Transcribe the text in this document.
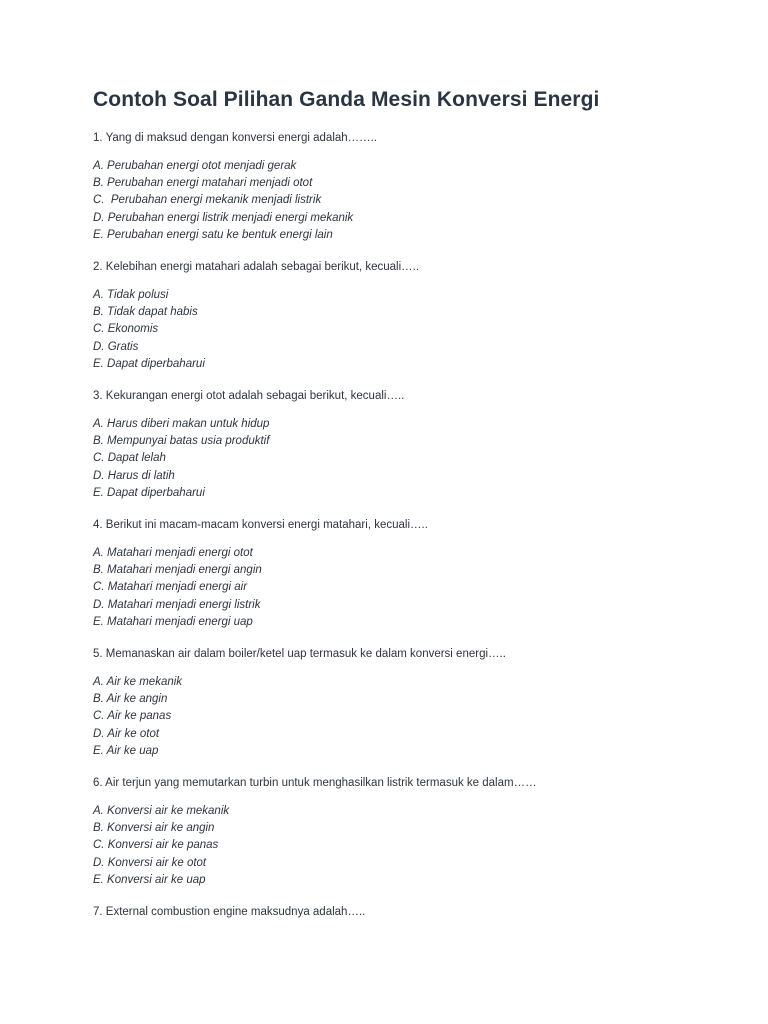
Contoh Soal Pilihan Ganda Mesin Konversi Energi

1. Yang di maksud dengan konversi energi adalah……..

A. Perubahan energi otot menjadi gerak
B. Perubahan energi matahari menjadi otot
C.  Perubahan energi mekanik menjadi listrik
D. Perubahan energi listrik menjadi energi mekanik
E. Perubahan energi satu ke bentuk energi lain

2. Kelebihan energi matahari adalah sebagai berikut, kecuali…..

A. Tidak polusi
B. Tidak dapat habis
C. Ekonomis
D. Gratis
E. Dapat diperbaharui

3. Kekurangan energi otot adalah sebagai berikut, kecuali…..

A. Harus diberi makan untuk hidup
B. Mempunyai batas usia produktif
C. Dapat lelah
D. Harus di latih
E. Dapat diperbaharui

4. Berikut ini macam-macam konversi energi matahari, kecuali…..

A. Matahari menjadi energi otot
B. Matahari menjadi energi angin
C. Matahari menjadi energi air
D. Matahari menjadi energi listrik
E. Matahari menjadi energi uap

5. Memanaskan air dalam boiler/ketel uap termasuk ke dalam konversi energi…..

A. Air ke mekanik
B. Air ke angin
C. Air ke panas
D. Air ke otot
E. Air ke uap

6. Air terjun yang memutarkan turbin untuk menghasilkan listrik termasuk ke dalam……

A. Konversi air ke mekanik
B. Konversi air ke angin
C. Konversi air ke panas
D. Konversi air ke otot
E. Konversi air ke uap

7. External combustion engine maksudnya adalah…..
